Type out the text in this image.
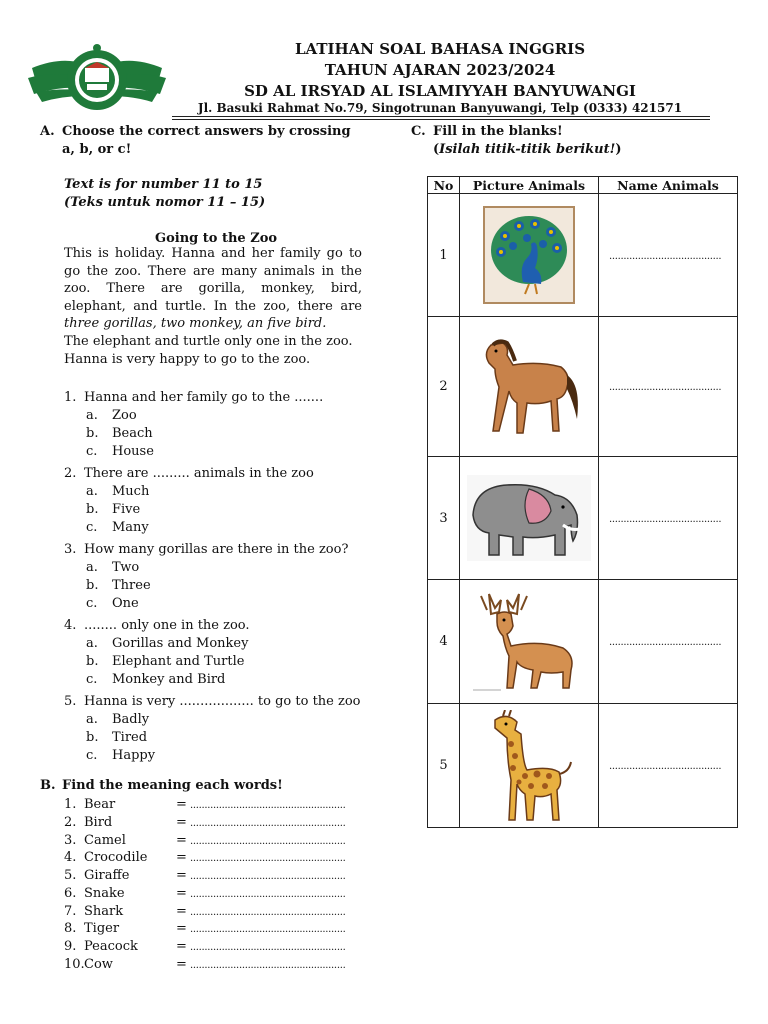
LATIHAN SOAL BAHASA INGGRIS
TAHUN AJARAN 2023/2024
SD AL IRSYAD AL ISLAMIYYAH BANYUWANGI
Jl. Basuki Rahmat No.79, Singotrunan Banyuwangi, Telp (0333) 421571
A. Choose the correct answers by crossing
a, b, or c!
Text is for number 11 to 15
(Teks untuk nomor 11 – 15)
Going to the Zoo

This is holiday. Hanna and her family go to

go the zoo. There are many animals in the

zoo. There are gorilla, monkey, bird,

elephant, and turtle. In the zoo, there are

three gorillas, two monkey, an five bird.

The elephant and turtle only one in the zoo.

Hanna is very happy to go to the zoo.

1. Hanna and her family go to the .......
a. Zoo
b. Beach
c. House
2. There are ......... animals in the zoo
a. Much
b. Five
c. Many
3. How many gorillas are there in the zoo?
a. Two
b. Three
c. One
4. ........ only one in the zoo.
a. Gorillas and Monkey
b. Elephant and Turtle
c. Monkey and Bird
5. Hanna is very .................. to go to the zoo
a. Badly
b. Tired
c. Happy
B. Find the meaning each words!
1. Bear	= ......................................................
2. Bird	= ......................................................
3. Camel	= ......................................................
4. Crocodile = ......................................................
5. Giraffe	= ......................................................
6. Snake	= ......................................................
7. Shark	= ......................................................
8. Tiger	= ......................................................
9. Peacock	= ......................................................
10.Cow	= ......................................................
C. Fill in the blanks!
(Isilah titik-titik berikut!)
No	Picture Animals	Name Animals
1		.......................................
2		.......................................
3		.......................................
4		.......................................
5		.......................................
